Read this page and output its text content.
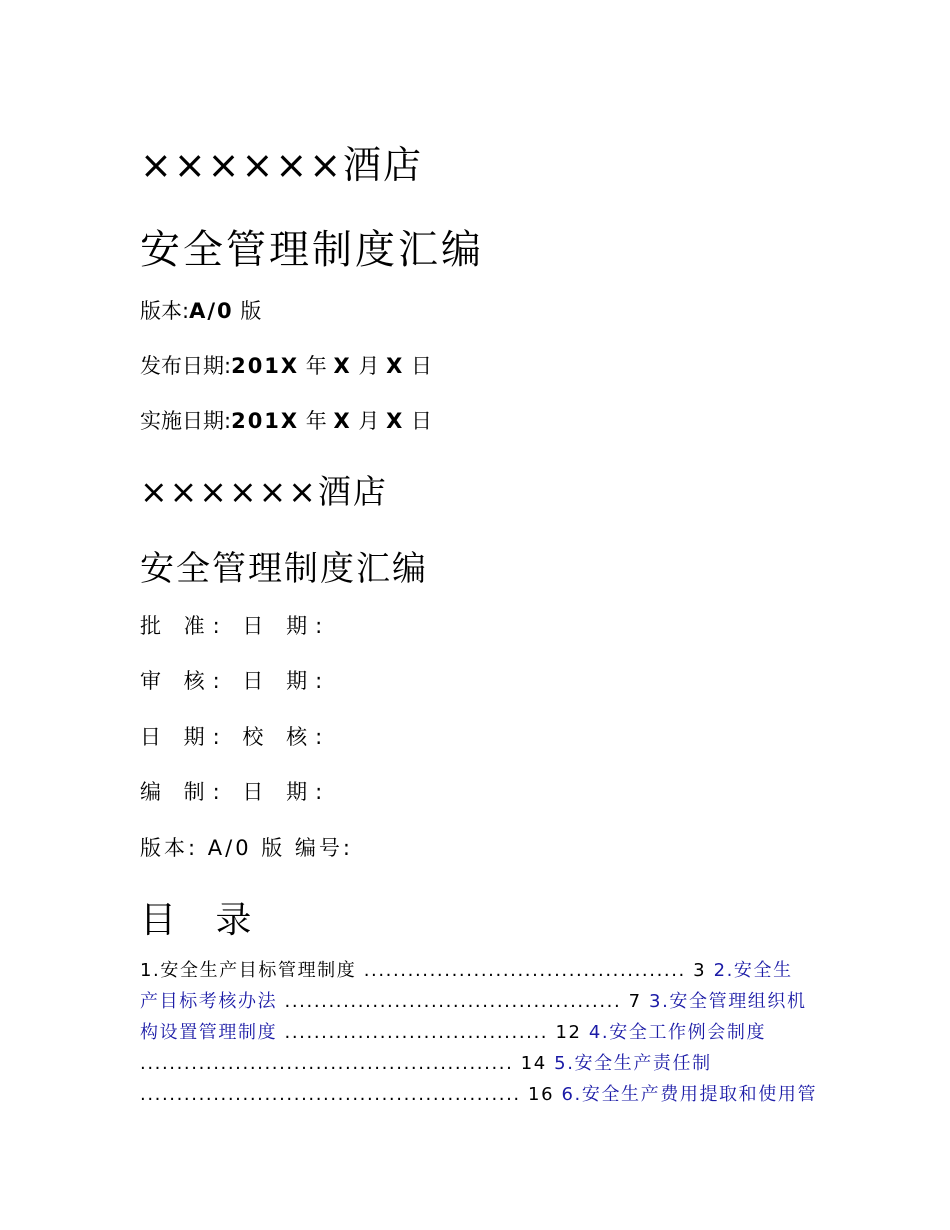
××××××酒店
安全管理制度汇编
版本:A/0 版
发布日期:201X 年 X 月 X 日
实施日期:201X 年 X 月 X 日
××××××酒店
安全管理制度汇编
批 准: 日 期:
审 核: 日 期:
日 期: 校 核:
编 制: 日 期:
版本: A/0 版 编号:
目 录
1.安全生产目标管理制度 ............................................ 3 2.安全生
产目标考核办法 .............................................. 7 3.安全管理组织机
构设置管理制度 .................................... 12 4.安全工作例会制度
................................................... 14 5.安全生产责任制
.................................................... 16 6.安全生产费用提取和使用管
